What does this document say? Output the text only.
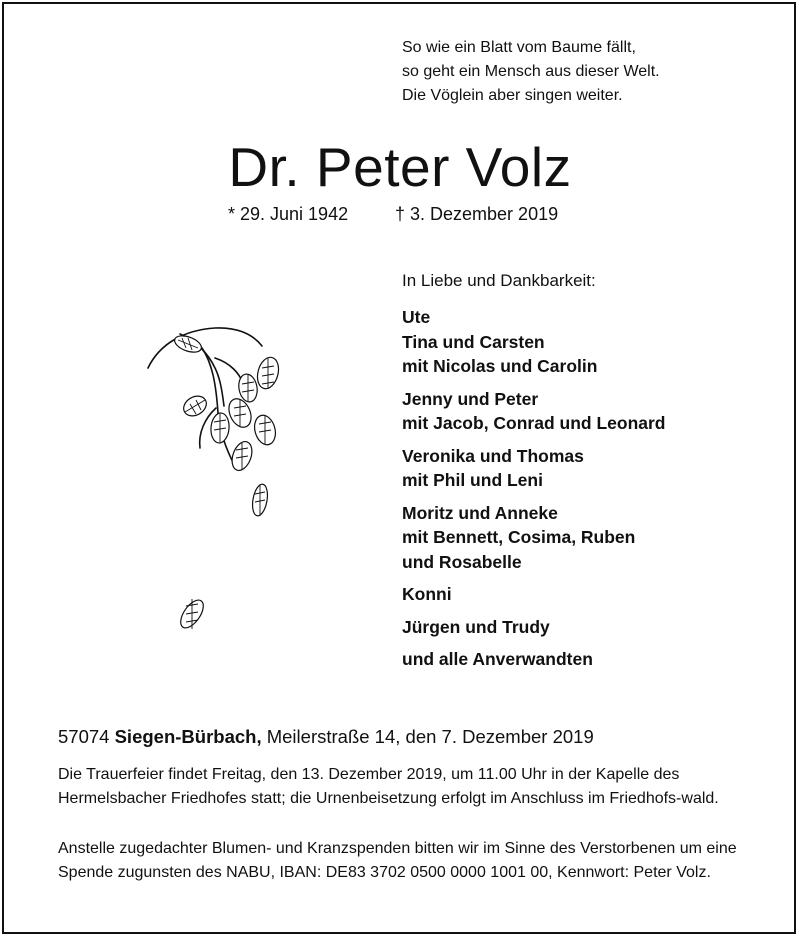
So wie ein Blatt vom Baume fällt,
so geht ein Mensch aus dieser Welt.
Die Vöglein aber singen weiter.
Dr. Peter Volz
* 29. Juni 1942	† 3. Dezember 2019
In Liebe und Dankbarkeit:
Ute
Tina und Carsten
mit Nicolas und Carolin
Jenny und Peter
mit Jacob, Conrad und Leonard
Veronika und Thomas
mit Phil und Leni
Moritz und Anneke
mit Bennett, Cosima, Ruben
und Rosabelle
Konni
Jürgen und Trudy
und alle Anverwandten
57074 Siegen-Bürbach, Meilerstraße 14, den 7. Dezember 2019
Die Trauerfeier findet Freitag, den 13. Dezember 2019, um 11.00 Uhr in der Kapelle des Hermelsbacher Friedhofes statt; die Urnenbeisetzung erfolgt im Anschluss im Friedhofs-wald.
Anstelle zugedachter Blumen- und Kranzspenden bitten wir im Sinne des Verstorbenen um eine Spende zugunsten des NABU, IBAN: DE83 3702 0500 0000 1001 00, Kennwort: Peter Volz.
